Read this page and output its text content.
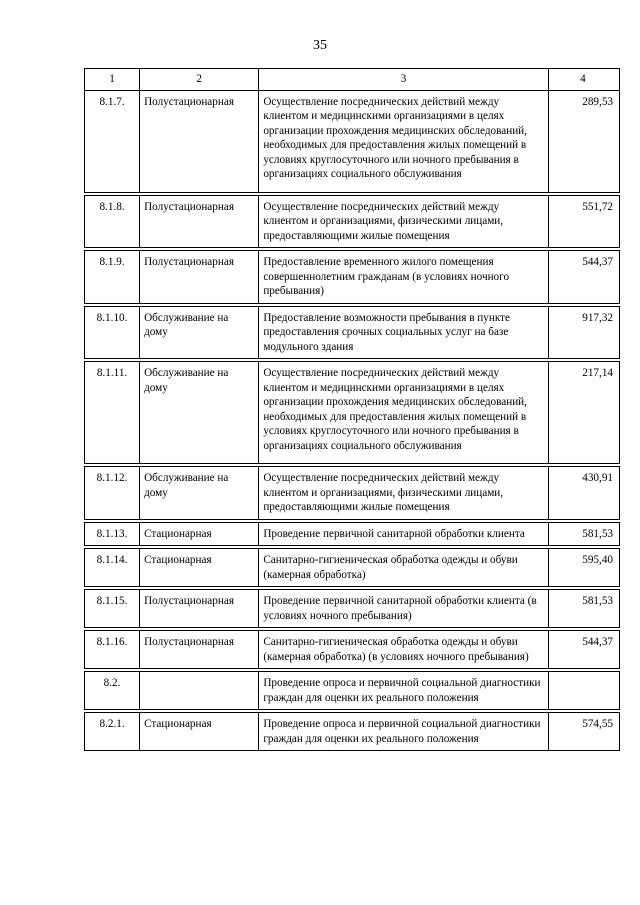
35
1	2	3	4
8.1.7.	Полустационарная	Осуществление посреднических действий между клиентом и медицинскими организациями в целях организации прохождения медицинских обследований, необходимых для предоставления жилых помещений в условиях круглосуточного или ночного пребывания в организациях социального обслуживания	289,53

8.1.8.	Полустационарная	Осуществление посреднических действий между клиентом и организациями, физическими лицами, предоставляющими жилые помещения	551,72

8.1.9.	Полустационарная	Предоставление временного жилого помещения совершеннолетним гражданам (в условиях ночного пребывания)	544,37

8.1.10.	Обслуживание на дому	Предоставление возможности пребывания в пункте предоставления срочных социальных услуг на базе модульного здания	917,32

8.1.11.	Обслуживание на дому	Осуществление посреднических действий между клиентом и медицинскими организациями в целях организации прохождения медицинских обследований, необходимых для предоставления жилых помещений в условиях круглосуточного или ночного пребывания в организациях социального обслуживания	217,14

8.1.12.	Обслуживание на дому	Осуществление посреднических действий между клиентом и организациями, физическими лицами, предоставляющими жилые помещения	430,91

8.1.13.	Стационарная	Проведение первичной санитарной обработки клиента	581,53

8.1.14.	Стационарная	Санитарно-гигиеническая обработка одежды и обуви (камерная обработка)	595,40

8.1.15.	Полустационарная	Проведение первичной санитарной обработки клиента (в условиях ночного пребывания)	581,53

8.1.16.	Полустационарная	Санитарно-гигиеническая обработка одежды и обуви (камерная обработка) (в условиях ночного пребывания)	544,37

8.2.		Проведение опроса и первичной социальной диагностики граждан для оценки их реального положения	

8.2.1.	Стационарная	Проведение опроса и первичной социальной диагностики граждан для оценки их реального положения	574,55
